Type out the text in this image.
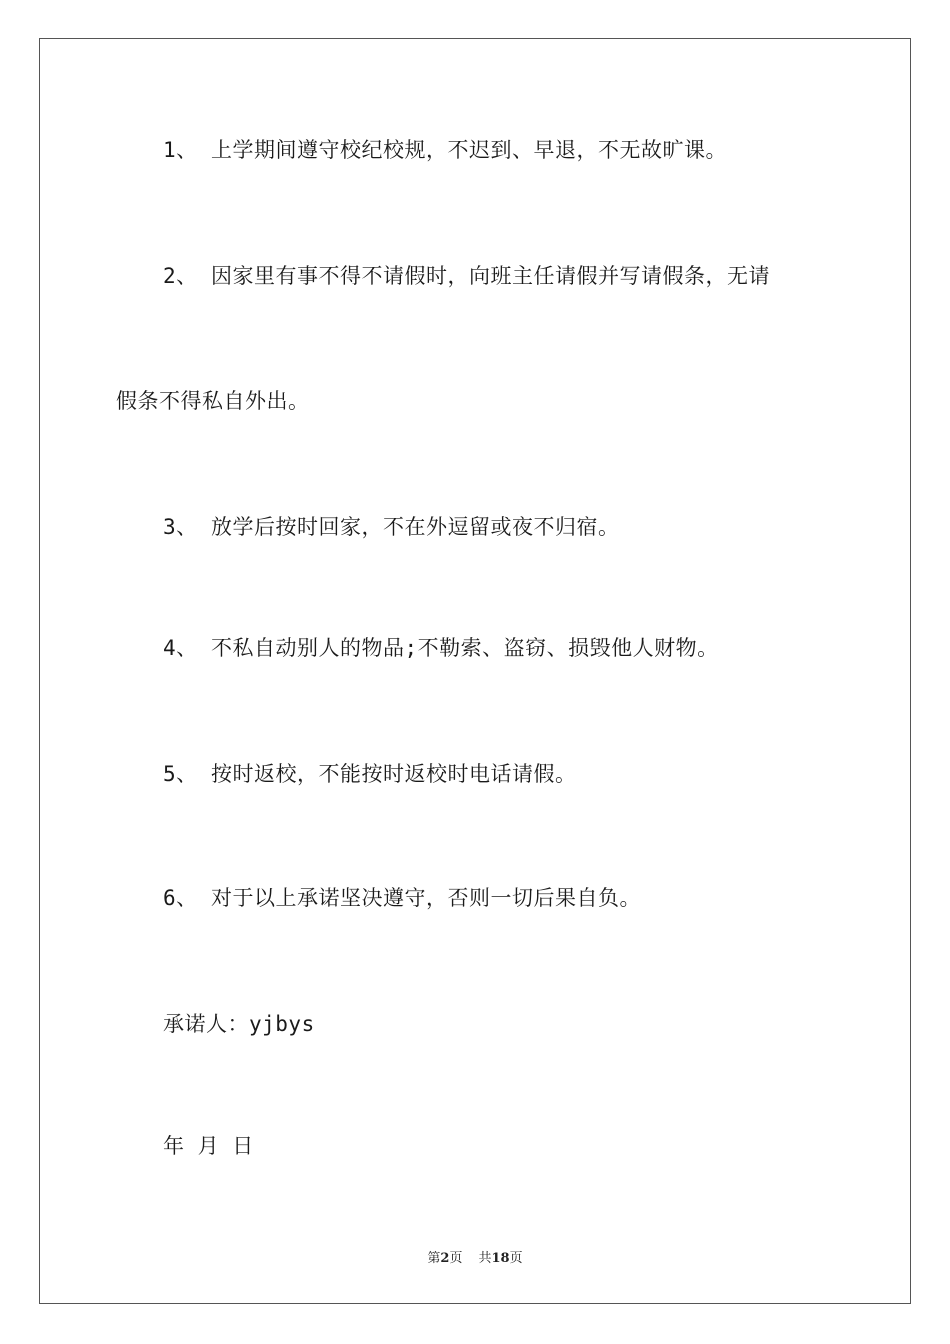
1、 上学期间遵守校纪校规，不迟到、早退，不无故旷课。
2、 因家里有事不得不请假时，向班主任请假并写请假条，无请
假条不得私自外出。
3、 放学后按时回家，不在外逗留或夜不归宿。
4、 不私自动别人的物品;不勒索、盗窃、损毁他人财物。
5、 按时返校，不能按时返校时电话请假。
6、 对于以上承诺坚决遵守，否则一切后果自负。
承诺人：yjbys
年 月 日
第2页 共18页
